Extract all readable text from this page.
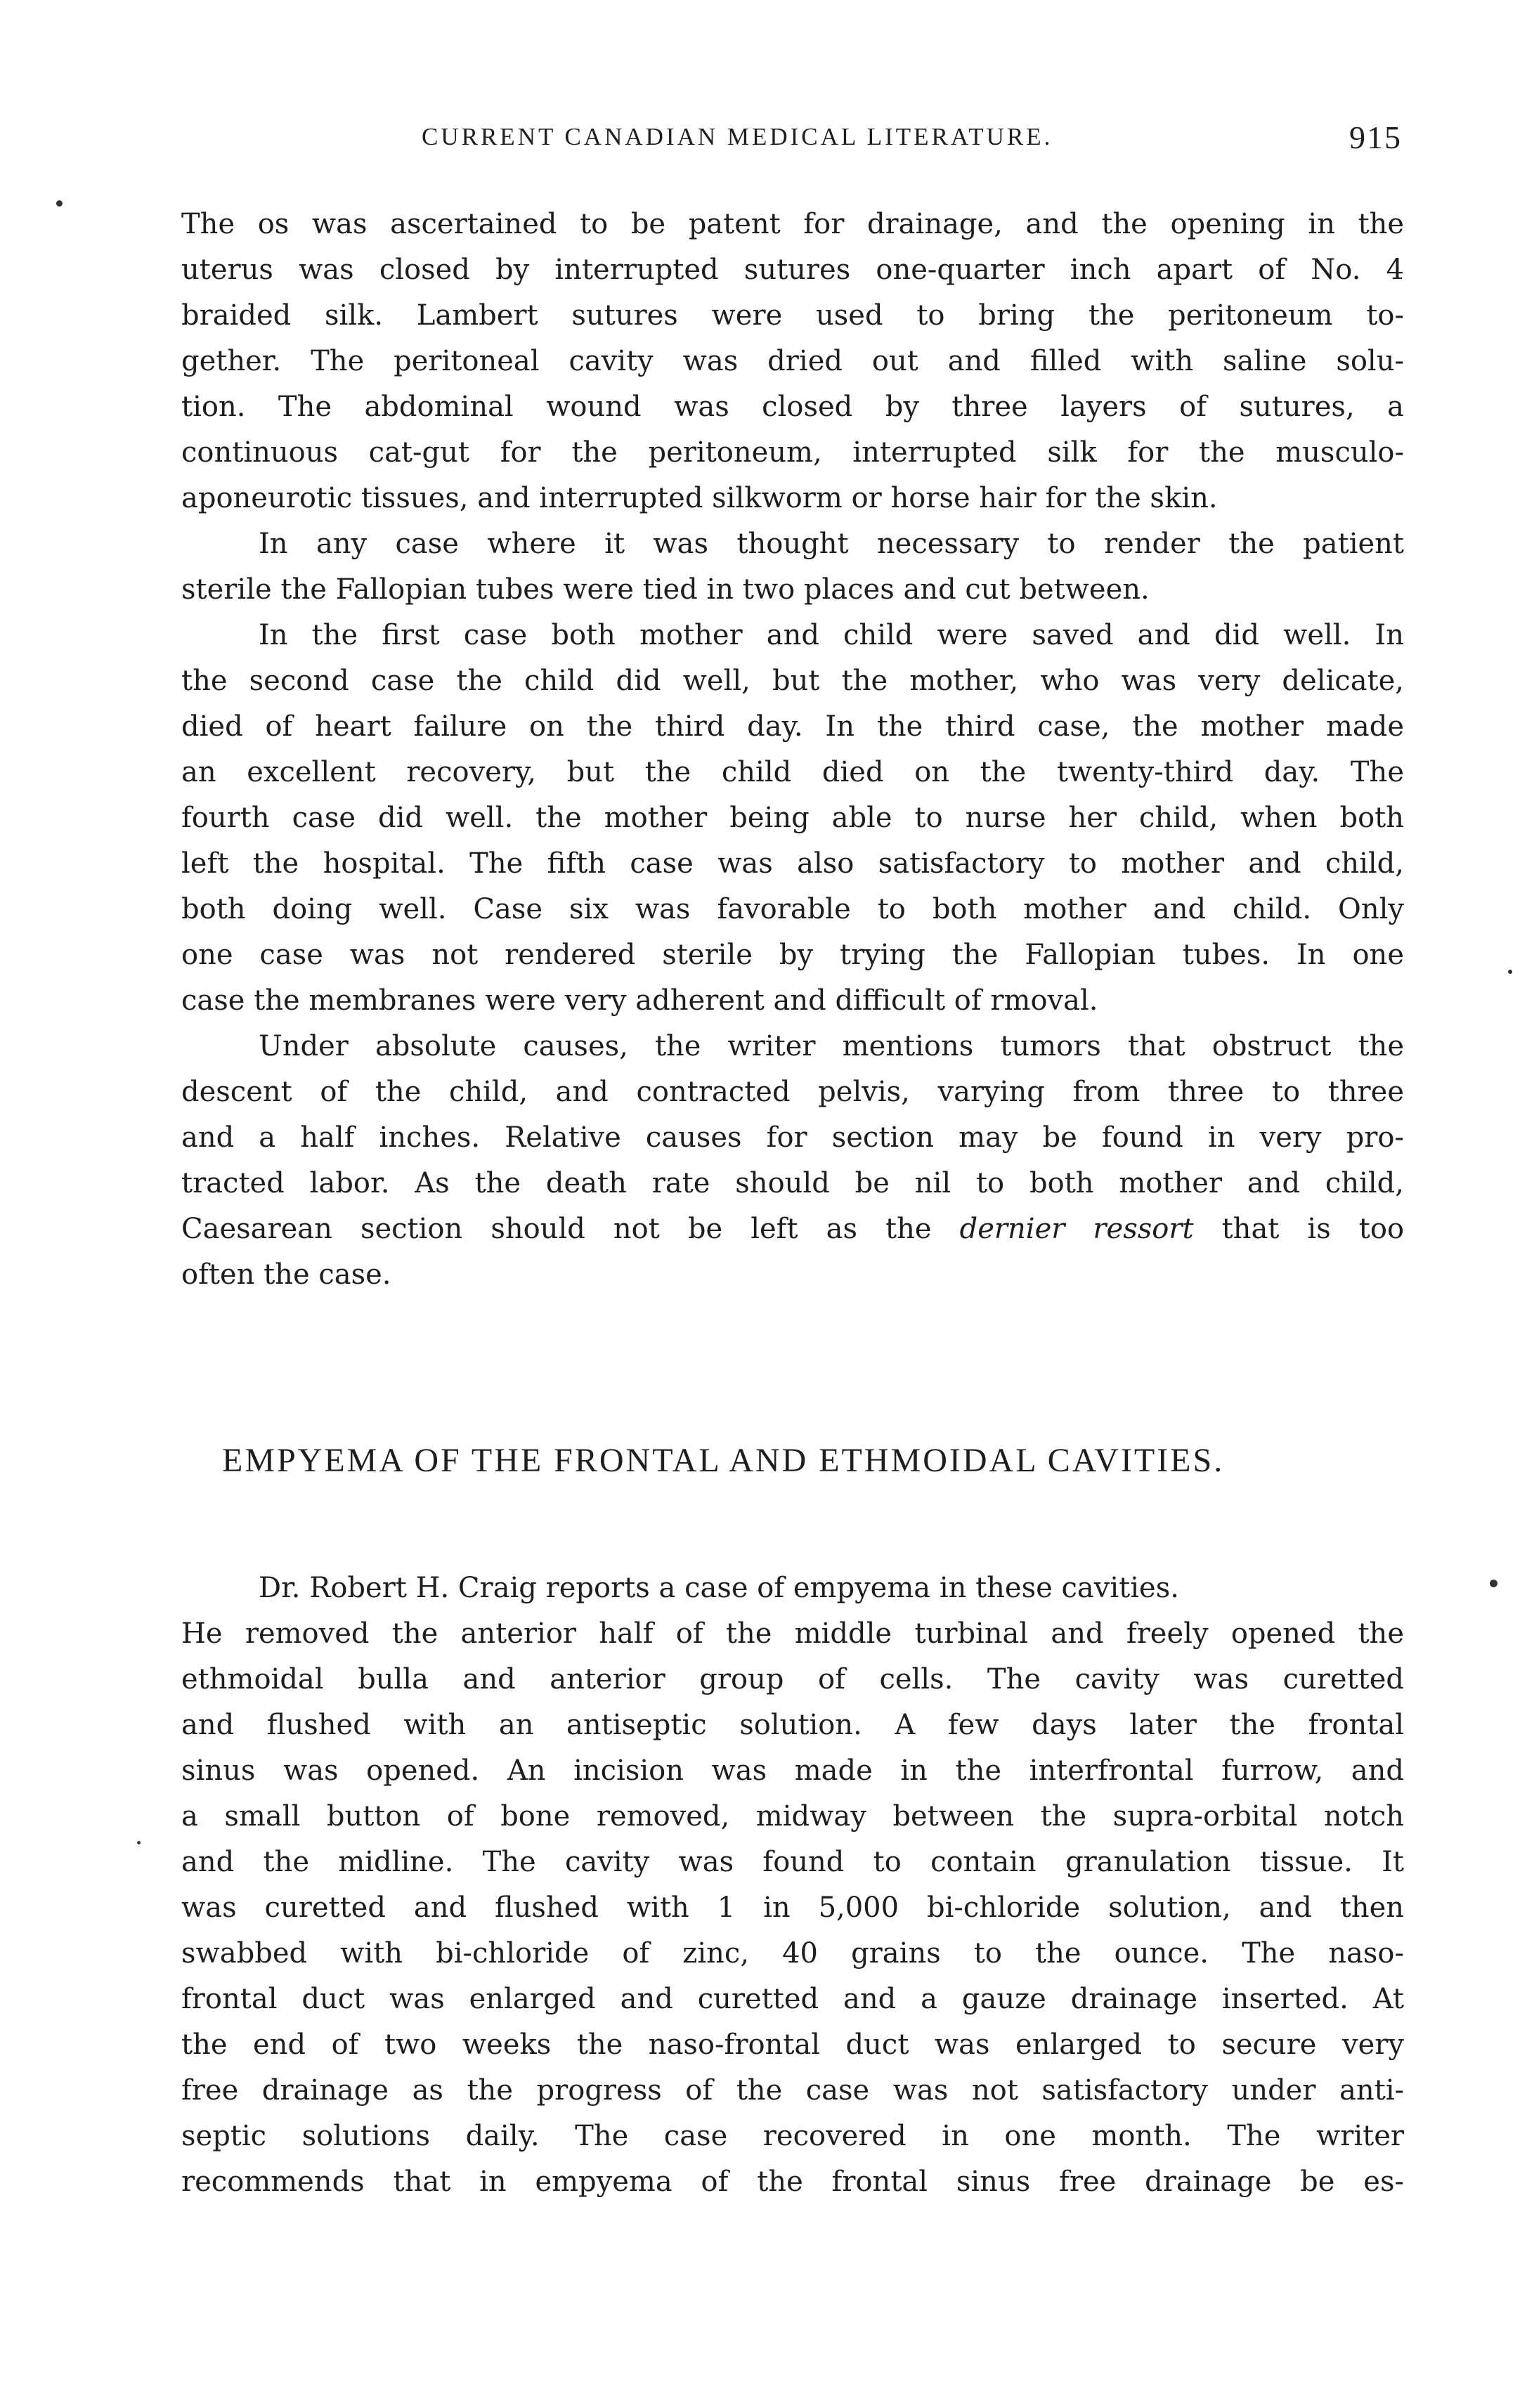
CURRENT CANADIAN MEDICAL LITERATURE.	915
The os was ascertained to be patent for drainage, and the opening in the
uterus was closed by interrupted sutures one-quarter inch apart of No. 4
braided silk. Lambert sutures were used to bring the peritoneum to-
gether. The peritoneal cavity was dried out and filled with saline solu-
tion. The abdominal wound was closed by three layers of sutures, a
continuous cat-gut for the peritoneum, interrupted silk for the musculo-
aponeurotic tissues, and interrupted silkworm or horse hair for the skin.
In any case where it was thought necessary to render the patient
sterile the Fallopian tubes were tied in two places and cut between.
In the first case both mother and child were saved and did well. In
the second case the child did well, but the mother, who was very delicate,
died of heart failure on the third day. In the third case, the mother made
an excellent recovery, but the child died on the twenty-third day. The
fourth case did well. the mother being able to nurse her child, when both
left the hospital. The fifth case was also satisfactory to mother and child,
both doing well. Case six was favorable to both mother and child. Only
one case was not rendered sterile by trying the Fallopian tubes. In one
case the membranes were very adherent and difficult of rmoval.
Under absolute causes, the writer mentions tumors that obstruct the
descent of the child, and contracted pelvis, varying from three to three
and a half inches. Relative causes for section may be found in very pro-
tracted labor. As the death rate should be nil to both mother and child,
Caesarean section should not be left as the dernier ressort that is too
often the case.
EMPYEMA OF THE FRONTAL AND ETHMOIDAL CAVITIES.
Dr. Robert H. Craig reports a case of empyema in these cavities.
He removed the anterior half of the middle turbinal and freely opened the
ethmoidal bulla and anterior group of cells. The cavity was curetted
and flushed with an antiseptic solution. A few days later the frontal
sinus was opened. An incision was made in the interfrontal furrow, and
a small button of bone removed, midway between the supra-orbital notch
and the midline. The cavity was found to contain granulation tissue. It
was curetted and flushed with 1 in 5,000 bi-chloride solution, and then
swabbed with bi-chloride of zinc, 40 grains to the ounce. The naso-
frontal duct was enlarged and curetted and a gauze drainage inserted. At
the end of two weeks the naso-frontal duct was enlarged to secure very
free drainage as the progress of the case was not satisfactory under anti-
septic solutions daily. The case recovered in one month. The writer
recommends that in empyema of the frontal sinus free drainage be es-
